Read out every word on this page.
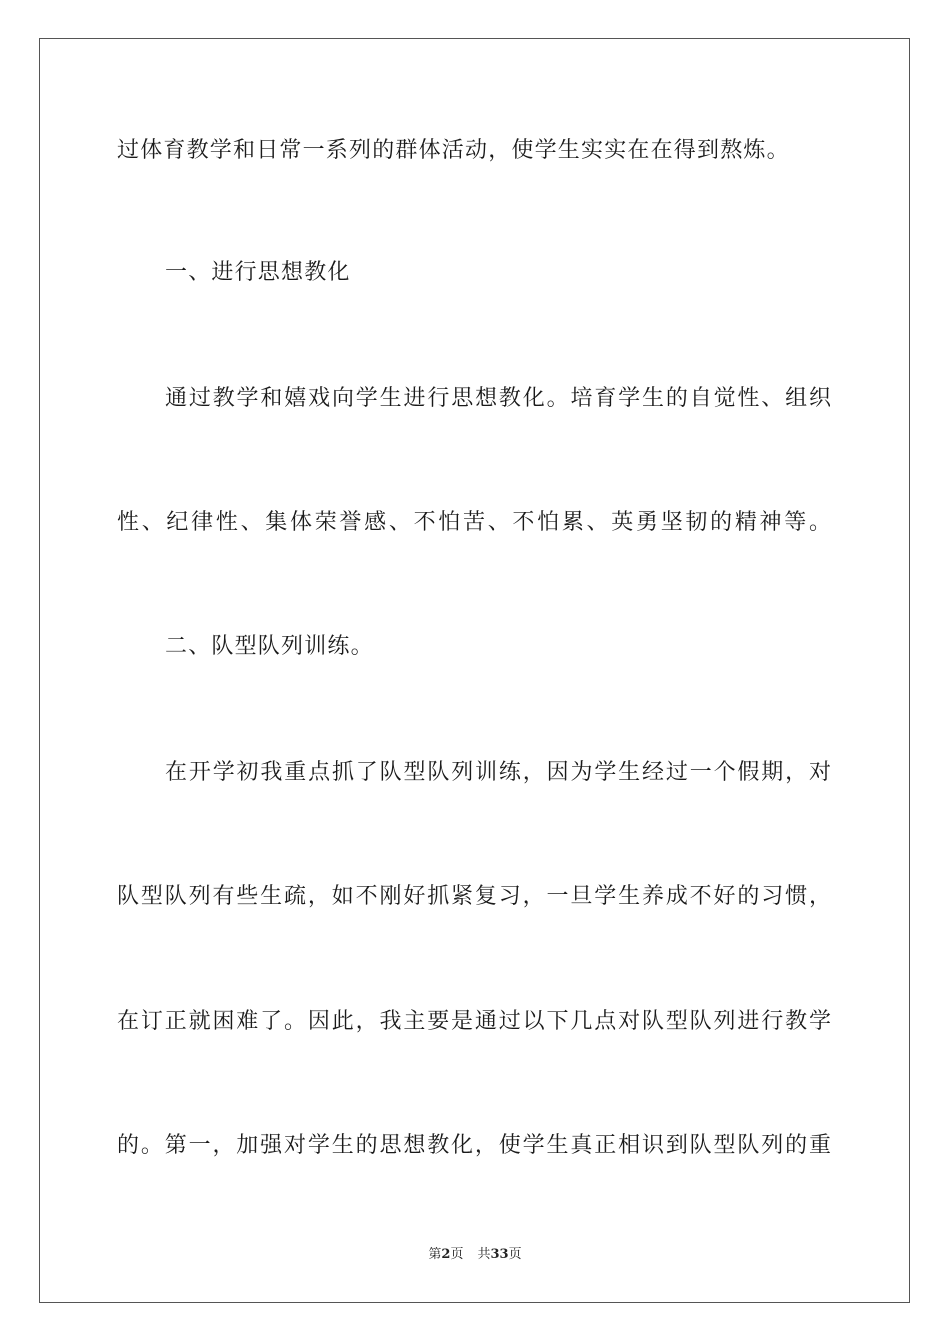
过体育教学和日常一系列的群体活动，使学生实实在在得到熬炼。
一、进行思想教化
通过教学和嬉戏向学生进行思想教化。培育学生的自觉性、组织
性、纪律性、集体荣誉感、不怕苦、不怕累、英勇坚韧的精神等。
二、队型队列训练。
在开学初我重点抓了队型队列训练，因为学生经过一个假期，对
队型队列有些生疏，如不刚好抓紧复习，一旦学生养成不好的习惯，
在订正就困难了。因此，我主要是通过以下几点对队型队列进行教学
的。第一，加强对学生的思想教化，使学生真正相识到队型队列的重
第2页 共33页
